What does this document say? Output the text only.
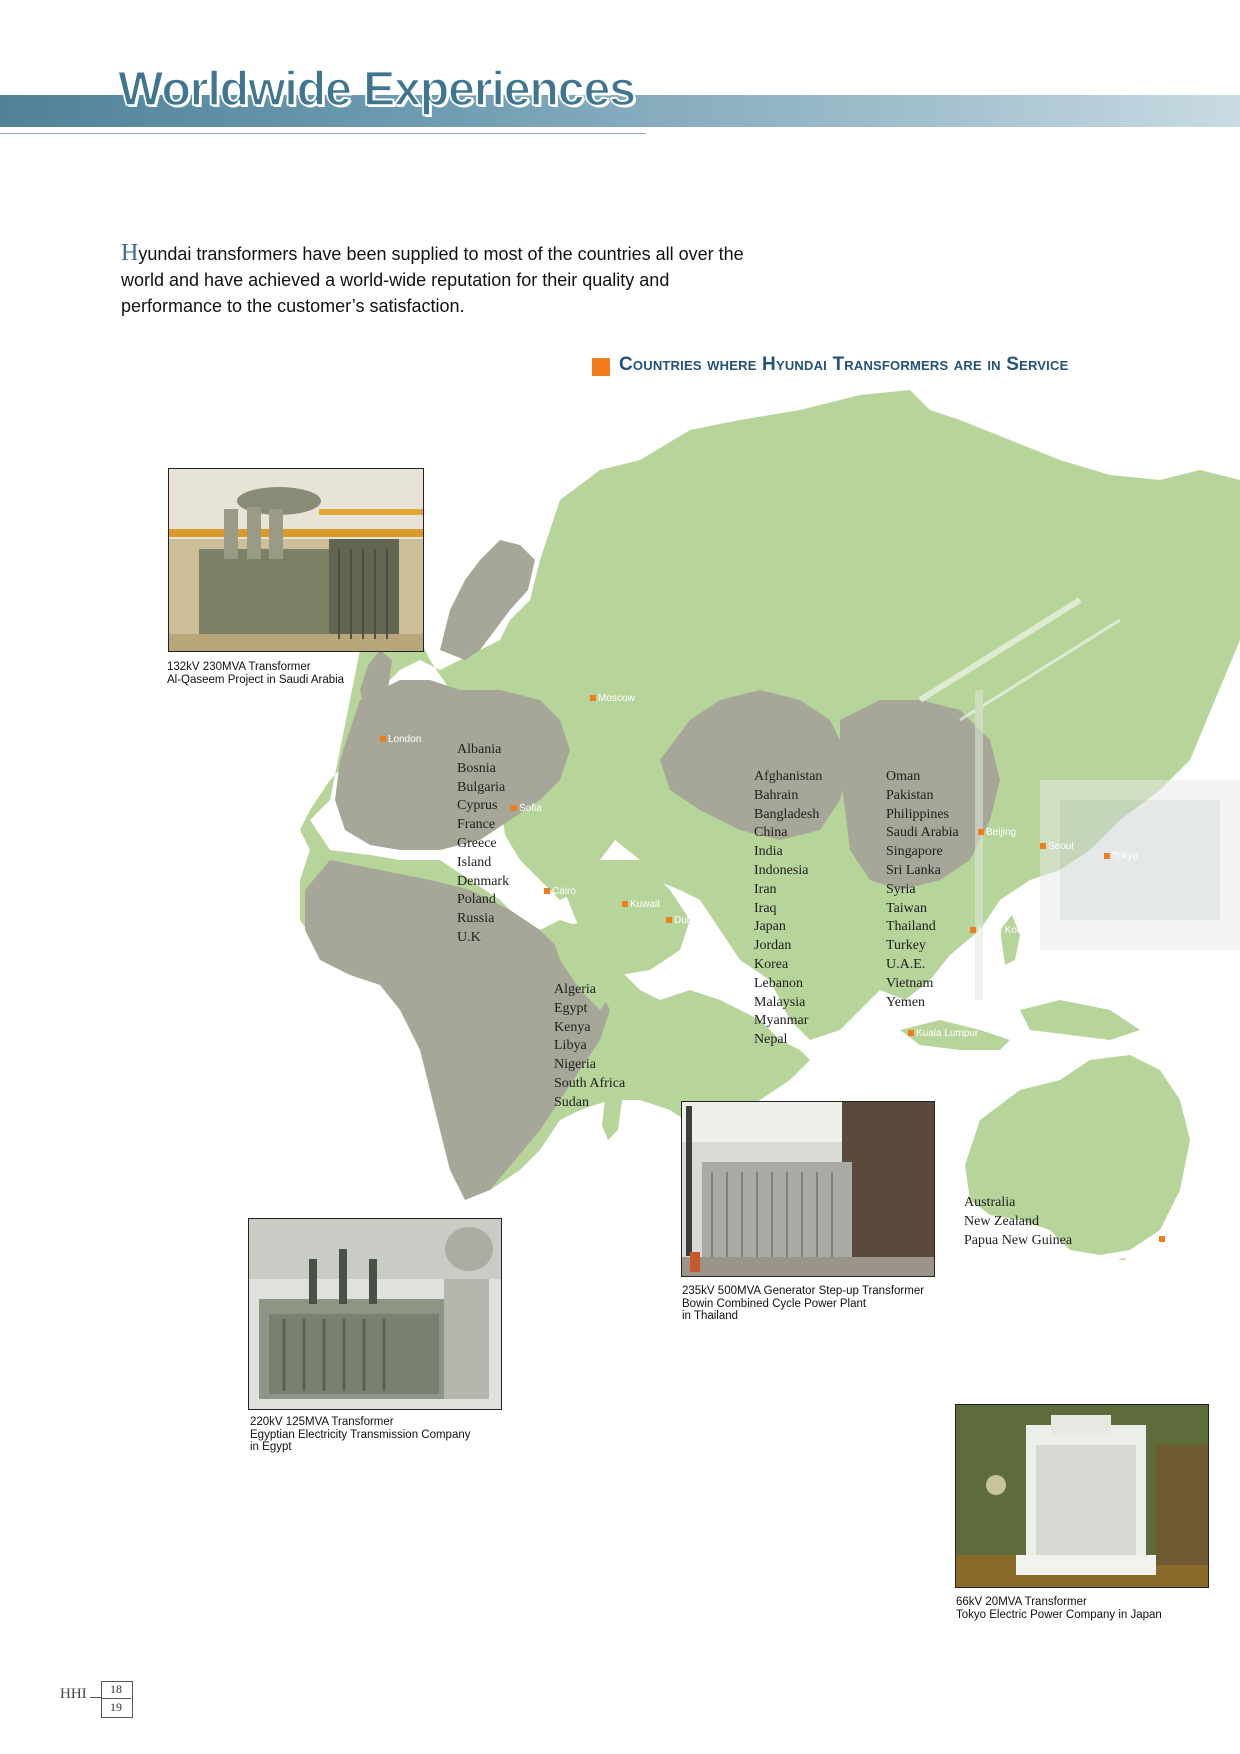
Worldwide Experiences
Hyundai transformers have been supplied to most of the countries all over the world and have achieved a world-wide reputation for their quality and performance to the customer’s satisfaction.
Countries where Hyundai Transformers are in Service
Albania
Bosnia
Bulgaria
Cyprus
France
Greece
Island
Denmark
Poland
Russia
U.K
Algeria
Egypt
Kenya
Libya
Nigeria
South Africa
Sudan
Afghanistan
Bahrain
Bangladesh
China
India
Indonesia
Iran
Iraq
Japan
Jordan
Korea
Lebanon
Malaysia
Myanmar
Nepal
Oman
Pakistan
Philippines
Saudi Arabia
Singapore
Sri Lanka
Syria
Taiwan
Thailand
Turkey
U.A.E.
Vietnam
Yemen
Australia
New Zealand
Papua New Guinea
Moscow
London
Sofia
Cairo
Kuwait
Dubai
Beijing
Seoul
Tokyo
Hong Kong
Kuala Lumpur
Sydney
132kV 230MVA Transformer
Al-Qaseem Project in Saudi Arabia
220kV 125MVA Transformer
Egyptian Electricity Transmission Company
in Egypt
235kV 500MVA Generator Step-up Transformer
Bowin Combined Cycle Power Plant
in Thailand
66kV 20MVA Transformer
Tokyo Electric Power Company in Japan
HHI	18
19
